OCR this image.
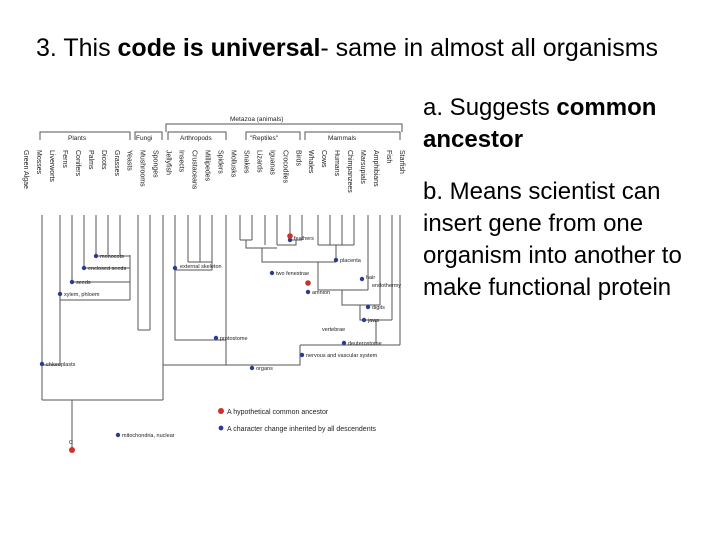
3. This code is universal- same in almost all organisms
a. Suggests common ancestor
b. Means scientist can insert gene from one organism into another to make functional protein
Metazoa (animals)
Plants	Fungi	Arthropods	"Reptiles"	Mammals
Green Algae Mosses Liverworts Ferns Conifers Palms Dicots Grasses Yeasts Mushrooms Sponges Jellyfish Insects Crustaceans Millipedes Spiders Mollusks Snakes Lizards Iguanas Crocodiles Birds Whales Cows Humans Chimpanzees Marsupials Amphibians Fish Starfish
monocots
enclosed seeds
seeds
xylem, phloem
external skeleton
feathers
placenta
two fenestrae
hair
endothermy
amnion
digits
jaws
vertebrae
protostome
deuterostome
nervous and vascular system
chloroplasts
organs
mitochondria, nuclear
C
A hypothetical common ancestor
A character change inherited by all descendents
